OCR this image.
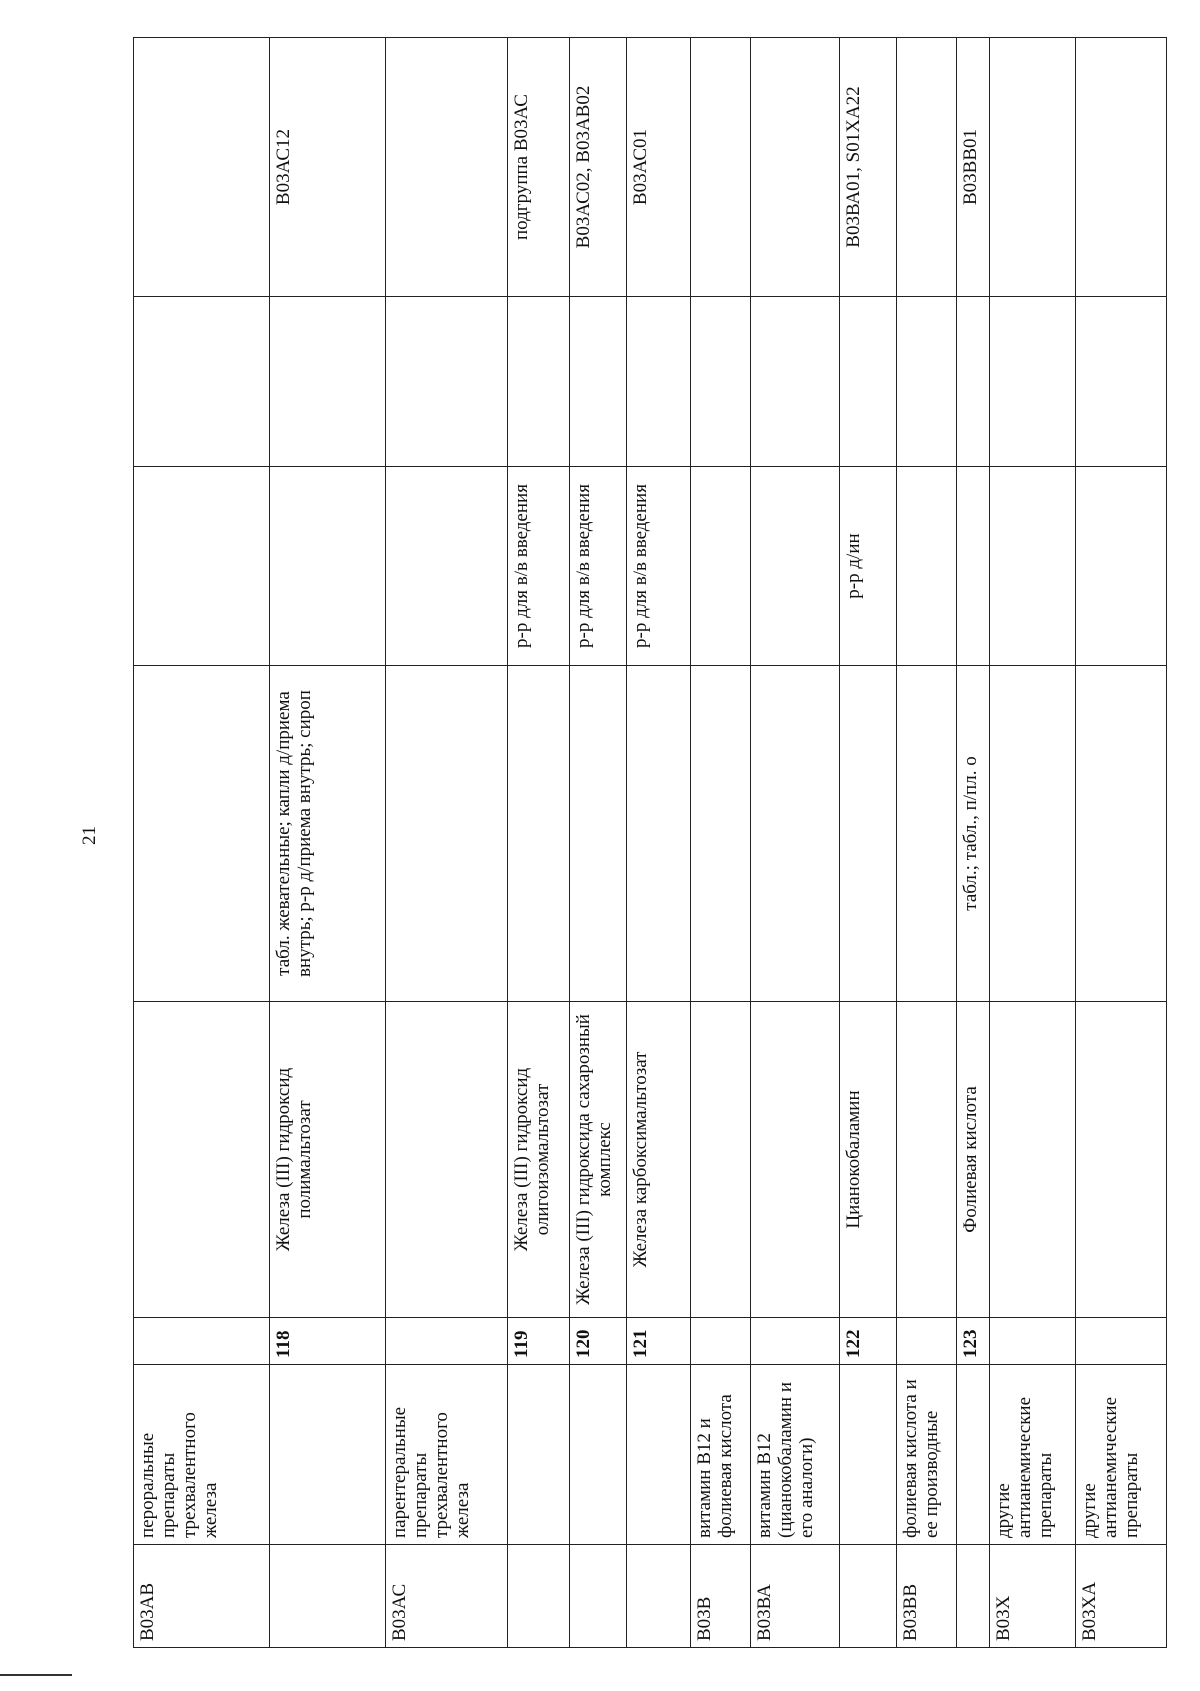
21
В03АВ	пероральные препараты трехвалентного железа						
		118	Железа (III) гидроксид полимальтозат	табл. жевательные; капли д/приема внутрь; р-р д/приема внутрь; сироп			В03АС12
В03АС	парентеральные препараты трехвалентного железа						
		119	Железа (III) гидроксид олигоизомальтозат		р-р для в/в введения		подгруппа В03АС
		120	Железа (III) гидроксида сахарозный комплекс		р-р для в/в введения		В03АС02, В03АВ02
		121	Железа карбоксимальтозат		р-р для в/в введения		В03АС01
В03В	витамин В12 и фолиевая кислота						
В03ВА	витамин В12 (цианокобаламин и его аналоги)						
		122	Цианокобаламин		р-р д/ин		В03ВА01, S01XA22
В03ВВ	фолиевая кислота и ее производные						
		123	Фолиевая кислота	табл.; табл., п/пл. о			В03ВВ01
В03Х	другие антианемические препараты						
В03ХА	другие антианемические препараты						
